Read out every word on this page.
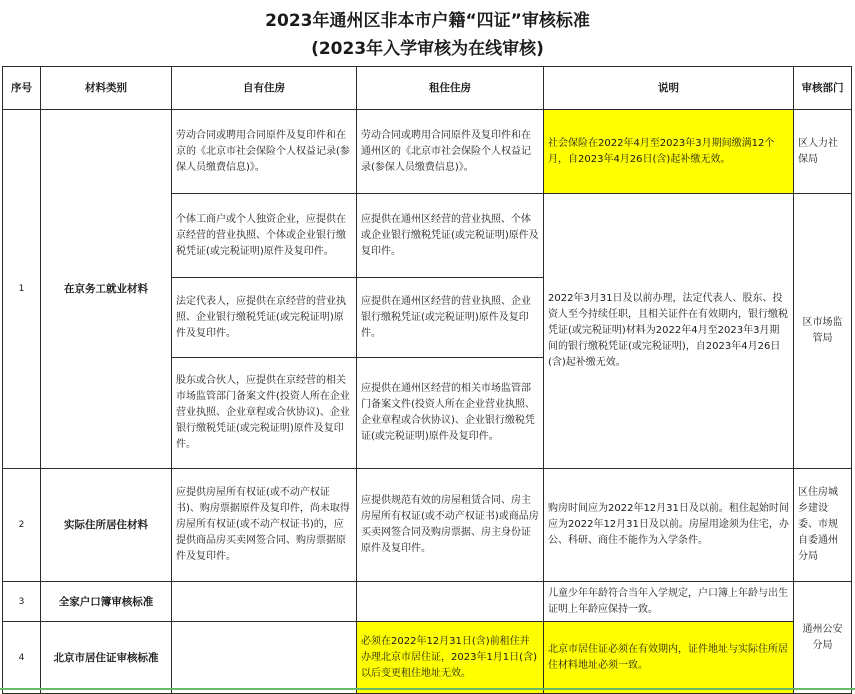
2023年通州区非本市户籍“四证”审核标准
(2023年入学审核为在线审核)
序号	材料类别	自有住房	租住住房	说明	审核部门
1	在京务工就业材料	劳动合同或聘用合同原件及复印件和在京的《北京市社会保险个人权益记录(参保人员缴费信息)》。	劳动合同或聘用合同原件及复印件和在通州区的《北京市社会保险个人权益记录(参保人员缴费信息)》。	社会保险在2022年4月至2023年3月期间缴满12个月，自2023年4月26日(含)起补缴无效。	区人力社保局
		个体工商户或个人独资企业，应提供在京经营的营业执照、个体或企业银行缴税凭证(或完税证明)原件及复印件。	应提供在通州区经营的营业执照、个体或企业银行缴税凭证(或完税证明)原件及复印件。	2022年3月31日及以前办理，法定代表人、股东、投资人至今持续任职，且相关证件在有效期内，银行缴税凭证(或完税证明)材料为2022年4月至2023年3月期间的银行缴税凭证(或完税证明)，自2023年4月26日(含)起补缴无效。	区市场监管局
		法定代表人，应提供在京经营的营业执照、企业银行缴税凭证(或完税证明)原件及复印件。	应提供在通州区经营的营业执照、企业银行缴税凭证(或完税证明)原件及复印件。		
		股东或合伙人，应提供在京经营的相关市场监管部门备案文件(投资人所在企业营业执照、企业章程或合伙协议)、企业银行缴税凭证(或完税证明)原件及复印件。	应提供在通州区经营的相关市场监管部门备案文件(投资人所在企业营业执照、企业章程或合伙协议)、企业银行缴税凭证(或完税证明)原件及复印件。		
2	实际住所居住材料	应提供房屋所有权证(或不动产权证书)、购房票据原件及复印件，尚未取得房屋所有权证(或不动产权证书)的，应提供商品房买卖网签合同、购房票据原件及复印件。	应提供规范有效的房屋租赁合同、房主房屋所有权证(或不动产权证书)或商品房买卖网签合同及购房票据、房主身份证原件及复印件。	购房时间应为2022年12月31日及以前。租住起始时间应为2022年12月31日及以前。房屋用途须为住宅，办公、科研、商住不能作为入学条件。	区住房城乡建设委、市规自委通州分局
3	全家户口簿审核标准			儿童少年年龄符合当年入学规定，户口簿上年龄与出生证明上年龄应保持一致。	通州公安分局
4	北京市居住证审核标准		必须在2022年12月31日(含)前租住并办理北京市居住证，2023年1月1日(含)以后变更租住地址无效。	北京市居住证必须在有效期内，证件地址与实际住所居住材料地址必须一致。	
